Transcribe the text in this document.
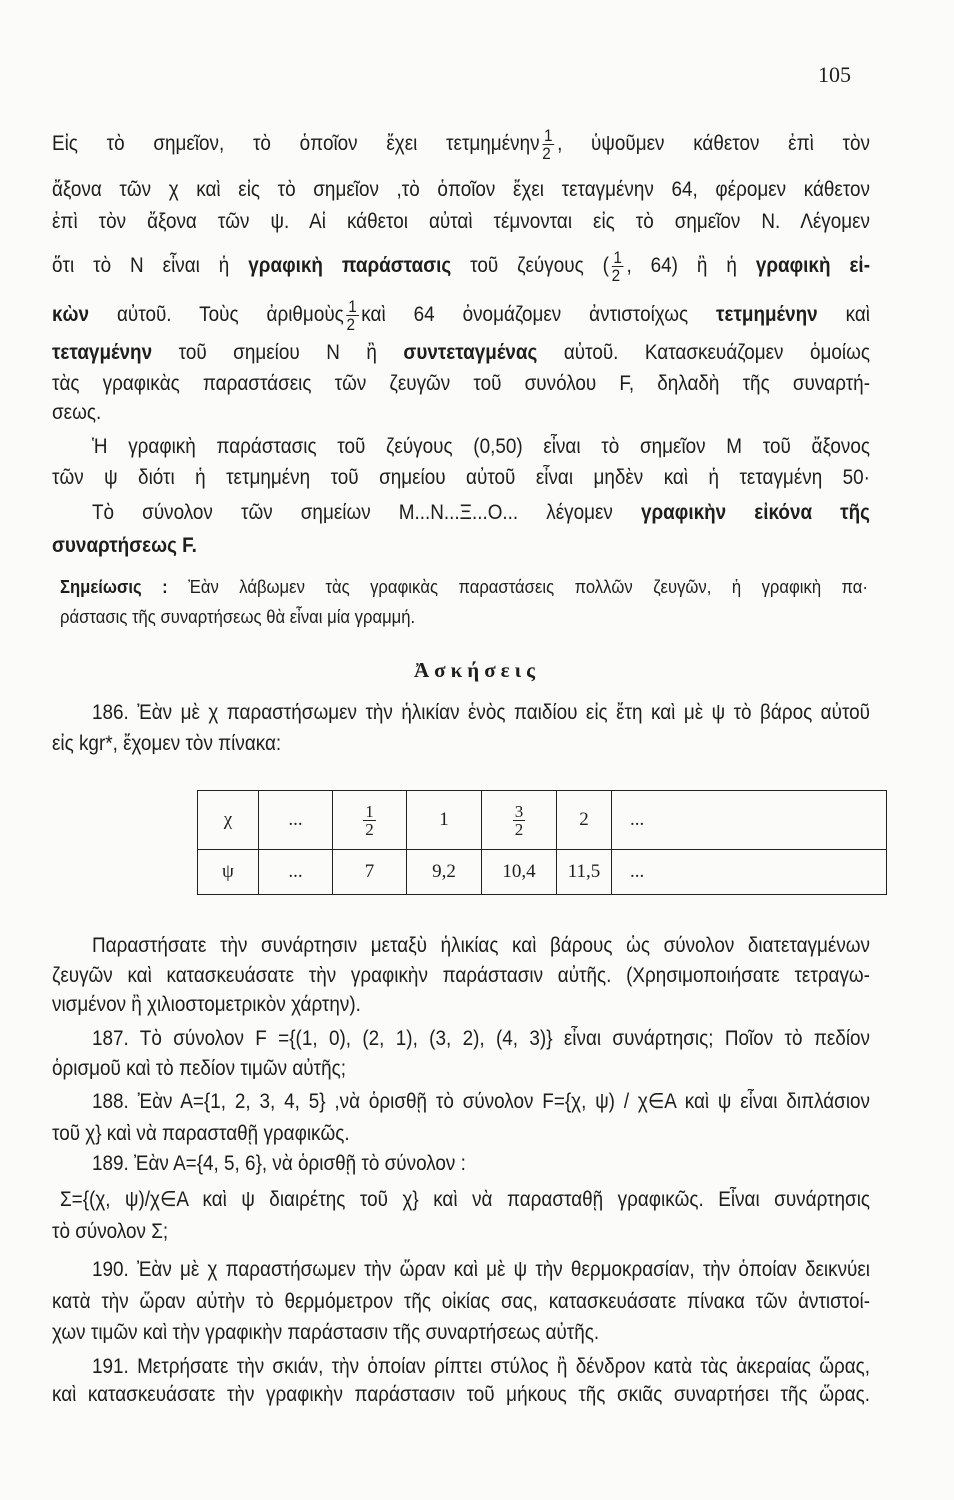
105
Εἰς τὸ σημεῖον, τὸ ὁποῖον ἔχει τετμημένην $\frac{1}{2}$ , ὑψοῦμεν κάθετον ἐπὶ τὸν
ἄξονα τῶν χ καὶ εἰς τὸ σημεῖον ,τὸ ὁποῖον ἔχει τεταγμένην 64, φέρομεν κάθετον
ἐπὶ τὸν ἄξονα τῶν ψ. Αἱ κάθετοι αὐταὶ τέμνονται εἰς τὸ σημεῖον Ν. Λέγομεν
ὅτι τὸ Ν εἶναι ἡ γραφικὴ παράστασις τοῦ ζεύγους ( $\frac{1}{2}$ , 64) ἢ ἡ γραφικὴ εἰ-
κὼν αὐτοῦ. Τοὺς ἀριθμοὺς $\frac{1}{2}$ καὶ 64 ὀνομάζομεν ἀντιστοίχως τετμημένην καὶ
τεταγμένην τοῦ σημείου Ν ἢ συντεταγμένας αὐτοῦ. Κατασκευάζομεν ὁμοίως
τὰς γραφικὰς παραστάσεις τῶν ζευγῶν τοῦ συνόλου F, δηλαδὴ τῆς συναρτή-
σεως.
Ἡ γραφικὴ παράστασις τοῦ ζεύγους (0,50) εἶναι τὸ σημεῖον Μ τοῦ ἄξονος
τῶν ψ διότι ἡ τετμημένη τοῦ σημείου αὐτοῦ εἶναι μηδὲν καὶ ἡ τεταγμένη 50·
Τὸ σύνολον τῶν σημείων Μ...Ν...Ξ...Ο... λέγομεν γραφικὴν εἰκόνα τῆς
συναρτήσεως F.
Σημείωσις : Ἐὰν λάβωμεν τὰς γραφικὰς παραστάσεις πολλῶν ζευγῶν, ἡ γραφικὴ πα·
ράστασις τῆς συναρτήσεως θὰ εἶναι μία γραμμή.
186. Ἐὰν μὲ χ παραστήσωμεν τὴν ἡλικίαν ἑνὸς παιδίου εἰς ἔτη καὶ μὲ ψ τὸ βάρος αὐτοῦ
εἰς kgr*, ἔχομεν τὸν πίνακα:
Παραστήσατε τὴν συνάρτησιν μεταξὺ ἡλικίας καὶ βάρους ὡς σύνολον διατεταγμένων
ζευγῶν καὶ κατασκευάσατε τὴν γραφικὴν παράστασιν αὐτῆς. (Χρησιμοποιήσατε τετραγω-
νισμένον ἢ χιλιοστομετρικὸν χάρτην).
187. Τὸ σύνολον F ={(1, 0), (2, 1), (3, 2), (4, 3)} εἶναι συνάρτησις; Ποῖον τὸ πεδίον
ὁρισμοῦ καὶ τὸ πεδίον τιμῶν αὐτῆς;
188. Ἐὰν Α={1, 2, 3, 4, 5} ,νὰ ὁρισθῇ τὸ σύνολον F={χ, ψ) / χ∈Α καὶ ψ εἶναι διπλάσιον
τοῦ χ} καὶ νὰ παρασταθῇ γραφικῶς.
189. Ἐὰν Α={4, 5, 6}, νὰ ὁρισθῇ τὸ σύνολον :
Σ={(χ, ψ)/χ∈Α καὶ ψ διαιρέτης τοῦ χ} καὶ νὰ παρασταθῇ γραφικῶς. Εἶναι συνάρτησις
τὸ σύνολον Σ;
190. Ἐὰν μὲ χ παραστήσωμεν τὴν ὥραν καὶ μὲ ψ τὴν θερμοκρασίαν, τὴν ὁποίαν δεικνύει
κατὰ τὴν ὥραν αὐτὴν τὸ θερμόμετρον τῆς οἰκίας σας, κατασκευάσατε πίνακα τῶν ἀντιστοί-
χων τιμῶν καὶ τὴν γραφικὴν παράστασιν τῆς συναρτήσεως αὐτῆς.
191. Μετρήσατε τὴν σκιάν, τὴν ὁποίαν ρίπτει στύλος ἢ δένδρον κατὰ τὰς ἀκεραίας ὥρας,
καὶ κατασκευάσατε τὴν γραφικὴν παράστασιν τοῦ μήκους τῆς σκιᾶς συναρτήσει τῆς ὥρας.
Ἀσκήσεις
χ	...	$\frac{1}{2}$	1	$\frac{3}{2}$	2	...
ψ	...	7	9,2	10,4	11,5	...
